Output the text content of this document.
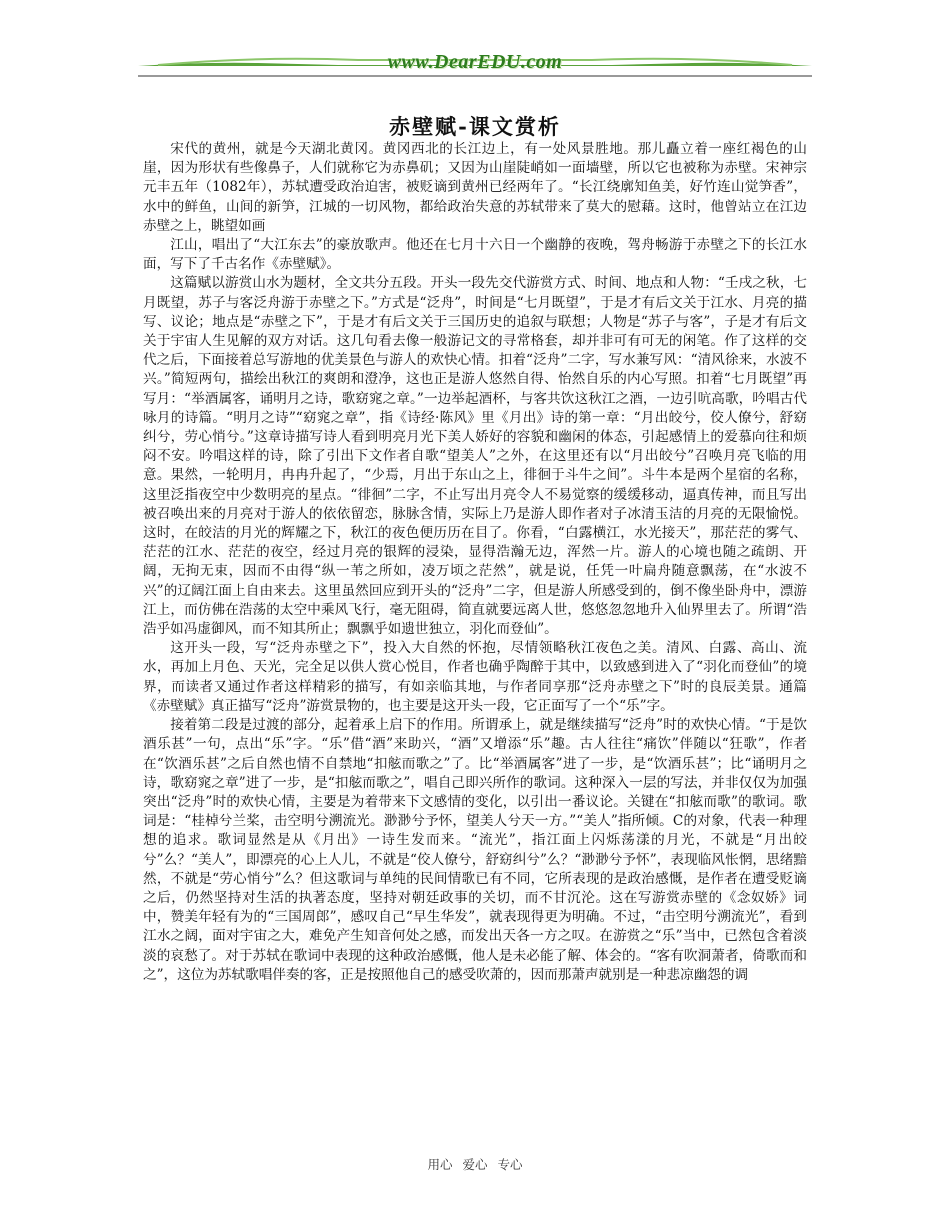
www.DearEDU.com
赤壁赋-课文赏析

宋代的黄州，就是今天湖北黄冈。黄冈西北的长江边上，有一处风景胜地。那儿矗立着一座红褐色的山崖，因为形状有些像鼻子，人们就称它为赤鼻矶；又因为山崖陡峭如一面墙壁，所以它也被称为赤壁。宋神宗元丰五年（1082年），苏轼遭受政治迫害，被贬谪到黄州已经两年了。“长江绕廓知鱼美，好竹连山觉笋香”，水中的鲜鱼，山间的新笋，江城的一切风物，都给政治失意的苏轼带来了莫大的慰藉。这时，他曾站立在江边赤壁之上，眺望如画

江山，唱出了“大江东去”的豪放歌声。他还在七月十六日一个幽静的夜晚，驾舟畅游于赤壁之下的长江水面，写下了千古名作《赤壁赋》。

这篇赋以游赏山水为题材，全文共分五段。开头一段先交代游赏方式、时间、地点和人物：“壬戌之秋，七月既望，苏子与客泛舟游于赤壁之下。”方式是“泛舟”，时间是“七月既望”，于是才有后文关于江水、月亮的描写、议论；地点是“赤壁之下”，于是才有后文关于三国历史的追叙与联想；人物是“苏子与客”，子是才有后文关于宇宙人生见解的双方对话。这几句看去像一般游记文的寻常格套，却并非可有可无的闲笔。作了这样的交代之后，下面接着总写游地的优美景色与游人的欢快心情。扣着“泛舟”二字，写水兼写风：“清风徐来，水波不兴。”简短两句，描绘出秋江的爽朗和澄净，这也正是游人悠然自得、怡然自乐的内心写照。扣着“七月既望”再写月：“举酒属客，诵明月之诗，歌窈窕之章。”一边举起酒杯，与客共饮这秋江之酒，一边引吭高歌，吟唱古代咏月的诗篇。“明月之诗”“窈窕之章”，指《诗经·陈风》里《月出》诗的第一章：“月出皎兮，佼人僚兮，舒窈纠兮，劳心悄兮。”这章诗描写诗人看到明亮月光下美人娇好的容貌和幽闲的体态，引起感情上的爱慕向往和烦闷不安。吟唱这样的诗，除了引出下文作者自歌“望美人”之外，在这里还有以“月出皎兮”召唤月亮飞临的用意。果然，一轮明月，冉冉升起了，“少焉，月出于东山之上，徘徊于斗牛之间”。斗牛本是两个星宿的名称，这里泛指夜空中少数明亮的星点。“徘徊”二字，不止写出月亮令人不易觉察的缓缓移动，逼真传神，而且写出被召唤出来的月亮对于游人的依依留恋，脉脉含情，实际上乃是游人即作者对子冰清玉洁的月亮的无限愉悦。这时，在皎洁的月光的辉耀之下，秋江的夜色便历历在目了。你看，“白露横江，水光接天”，那茫茫的雾气、茫茫的江水、茫茫的夜空，经过月亮的银辉的浸染，显得浩瀚无边，浑然一片。游人的心境也随之疏朗、开阔，无拘无束，因而不由得“纵一苇之所如，凌万顷之茫然”，就是说，任凭一叶扁舟随意飘荡，在“水波不兴”的辽阔江面上自由来去。这里虽然回应到开头的“泛舟”二字，但是游人所感受到的，倒不像坐卧舟中，漂游江上，而仿佛在浩荡的太空中乘风飞行，毫无阻碍，简直就要远离人世，悠悠忽忽地升入仙界里去了。所谓“浩浩乎如冯虚御风，而不知其所止；飘飘乎如遗世独立，羽化而登仙”。

这开头一段，写“泛舟赤壁之下”，投入大自然的怀抱，尽情领略秋江夜色之美。清风、白露、高山、流水，再加上月色、天光，完全足以供人赏心悦目，作者也确乎陶醉于其中，以致感到进入了“羽化而登仙”的境界，而读者又通过作者这样精彩的描写，有如亲临其地，与作者同享那“泛舟赤壁之下”时的良辰美景。通篇《赤壁赋》真正描写“泛舟”游赏景物的，也主要是这开头一段，它正面写了一个“乐”字。

接着第二段是过渡的部分，起着承上启下的作用。所谓承上，就是继续描写“泛舟”时的欢快心情。“于是饮酒乐甚”一句，点出“乐”字。“乐”借“酒”来助兴，“酒”又增添“乐”趣。古人往往“痛饮”伴随以“狂歌”，作者在“饮酒乐甚”之后自然也情不自禁地“扣舷而歌之”了。比“举酒属客”进了一步，是“饮酒乐甚”；比“诵明月之诗，歌窈窕之章”进了一步，是“扣舷而歌之”，唱自己即兴所作的歌词。这种深入一层的写法，并非仅仅为加强突出“泛舟”时的欢快心情，主要是为着带来下文感情的变化，以引出一番议论。关键在“扣舷而歌”的歌词。歌词是：“桂棹兮兰桨，击空明兮溯流光。渺渺兮予怀，望美人兮天一方。”“美人”指所倾。C的对象，代表一种理想的追求。歌词显然是从《月出》一诗生发而来。“流光”，指江面上闪烁荡漾的月光，不就是“月出皎兮”么？“美人”，即漂亮的心上人儿，不就是“佼人僚兮，舒窈纠兮”么？“渺渺兮予怀”，表现临风怅惘，思绪黯然，不就是“劳心悄兮”么？但这歌词与单纯的民间情歌已有不同，它所表现的是政治感慨，是作者在遭受贬谪之后，仍然坚持对生活的执著态度，坚持对朝廷政事的关切，而不甘沉沦。这在写游赏赤壁的《念奴娇》词中，赞美年轻有为的“三国周郎”，感叹自己“早生华发”，就表现得更为明确。不过，“击空明兮溯流光”，看到江水之阔，面对宇宙之大，难免产生知音何处之感，而发出天各一方之叹。在游赏之“乐”当中，已然包含着淡淡的哀愁了。对于苏轼在歌词中表现的这种政治感慨，他人是未必能了解、体会的。“客有吹洞萧者，倚歌而和之”，这位为苏轼歌唱伴奏的客，正是按照他自己的感受吹萧的，因而那萧声就别是一种悲凉幽怨的调

用心 爱心 专心
